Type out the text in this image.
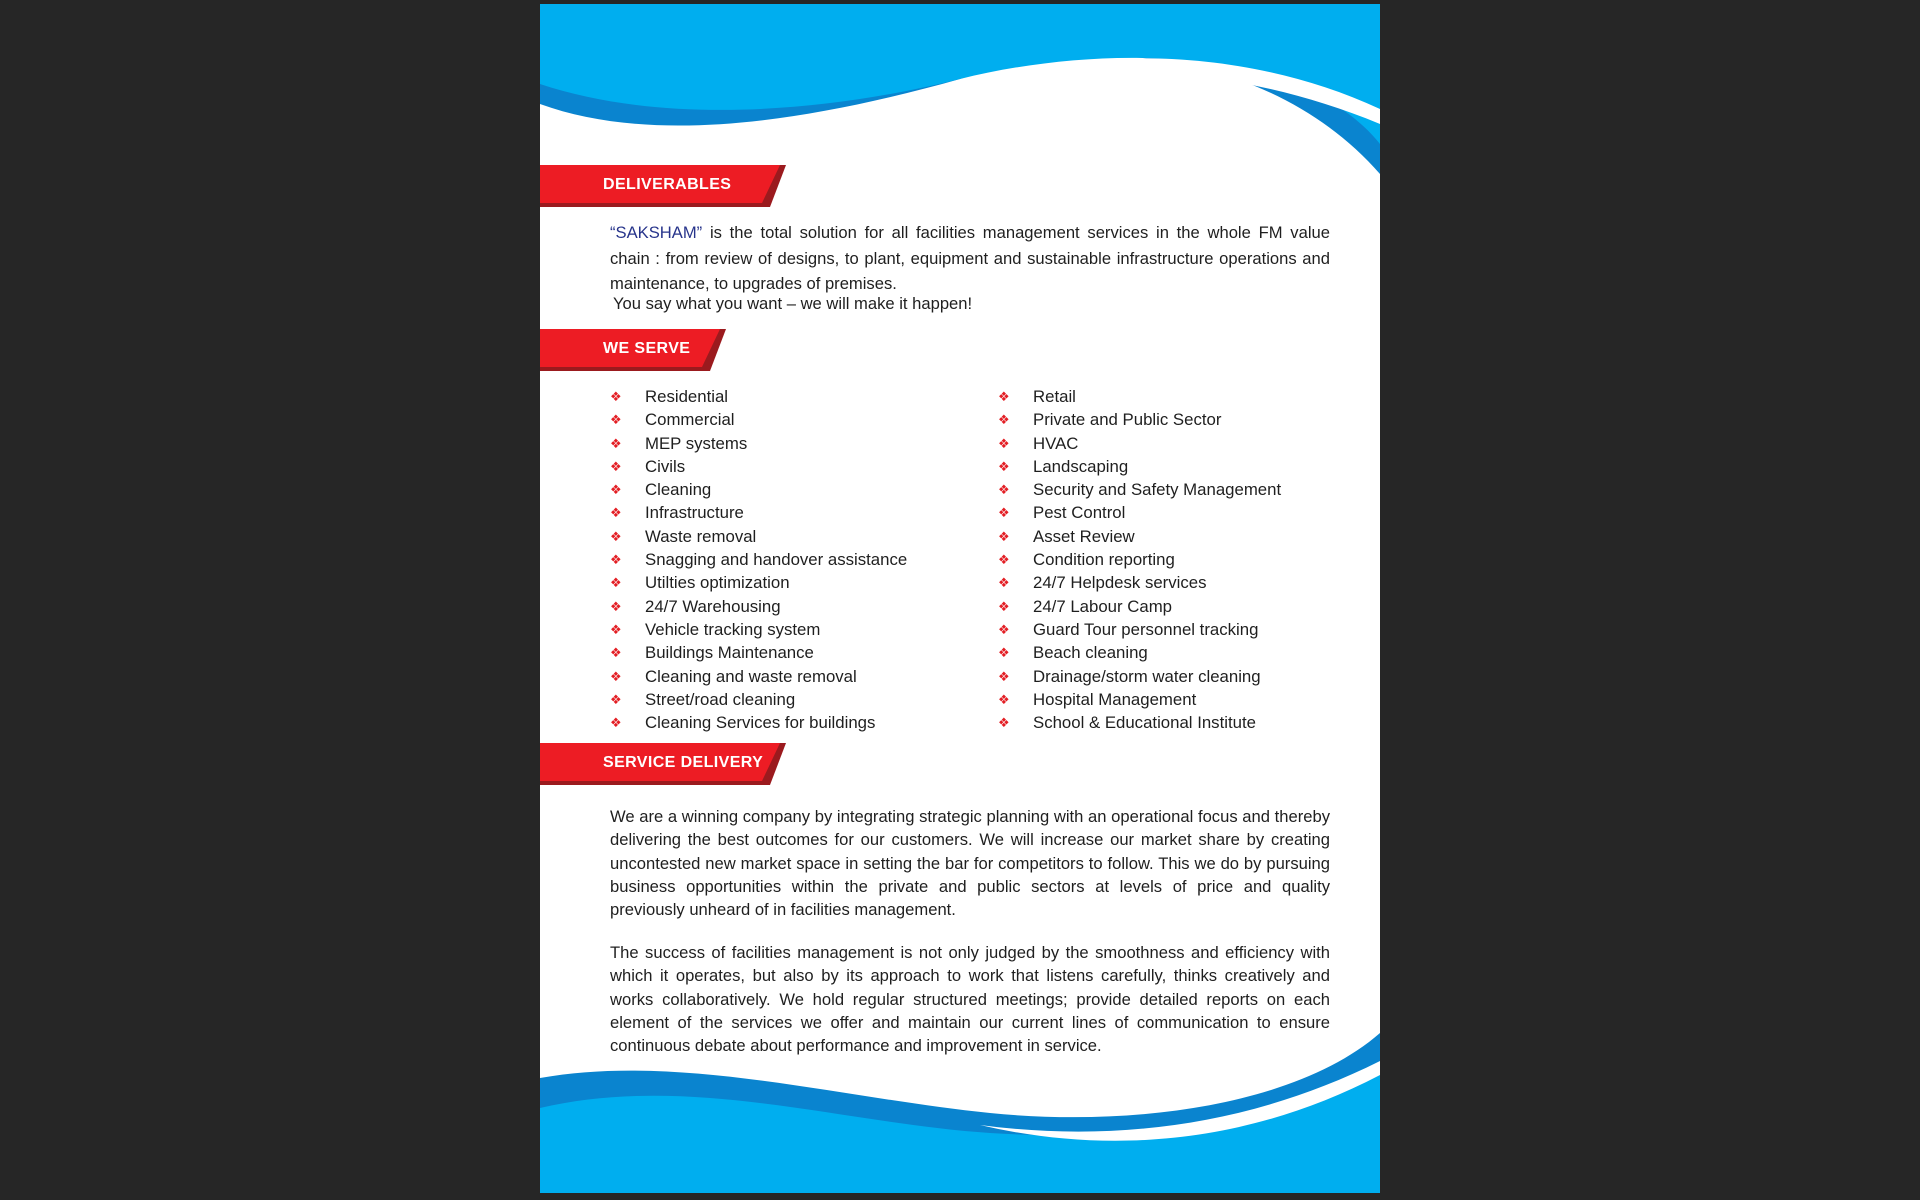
DELIVERABLES
“SAKSHAM” is the total solution for all facilities management services in the whole FM value chain : from review of designs, to plant, equipment and sustainable infrastructure operations and maintenance, to upgrades of premises.
You say what you want – we will make it happen!
WE SERVE
❖ Residential
❖ Commercial
❖ MEP systems
❖ Civils
❖ Cleaning
❖ Infrastructure
❖ Waste removal
❖ Snagging and handover assistance
❖ Utilties optimization
❖ 24/7 Warehousing
❖ Vehicle tracking system
❖ Buildings Maintenance
❖ Cleaning and waste removal
❖ Street/road cleaning
❖ Cleaning Services for buildings
❖ Retail
❖ Private and Public Sector
❖ HVAC
❖ Landscaping
❖ Security and Safety Management
❖ Pest Control
❖ Asset Review
❖ Condition reporting
❖ 24/7 Helpdesk services
❖ 24/7 Labour Camp
❖ Guard Tour personnel tracking
❖ Beach cleaning
❖ Drainage/storm water cleaning
❖ Hospital Management
❖ School & Educational Institute
SERVICE DELIVERY
We are a winning company by integrating strategic planning with an operational focus and thereby delivering the best outcomes for our customers. We will increase our market share by creating uncontested new market space in setting the bar for competitors to follow. This we do by pursuing business opportunities within the private and public sectors at levels of price and quality previously unheard of in facilities management.
The success of facilities management is not only judged by the smoothness and efficiency with which it operates, but also by its approach to work that listens carefully, thinks creatively and works collaboratively. We hold regular structured meetings; provide detailed reports on each element of the services we offer and maintain our current lines of communication to ensure continuous debate about performance and improvement in service.
